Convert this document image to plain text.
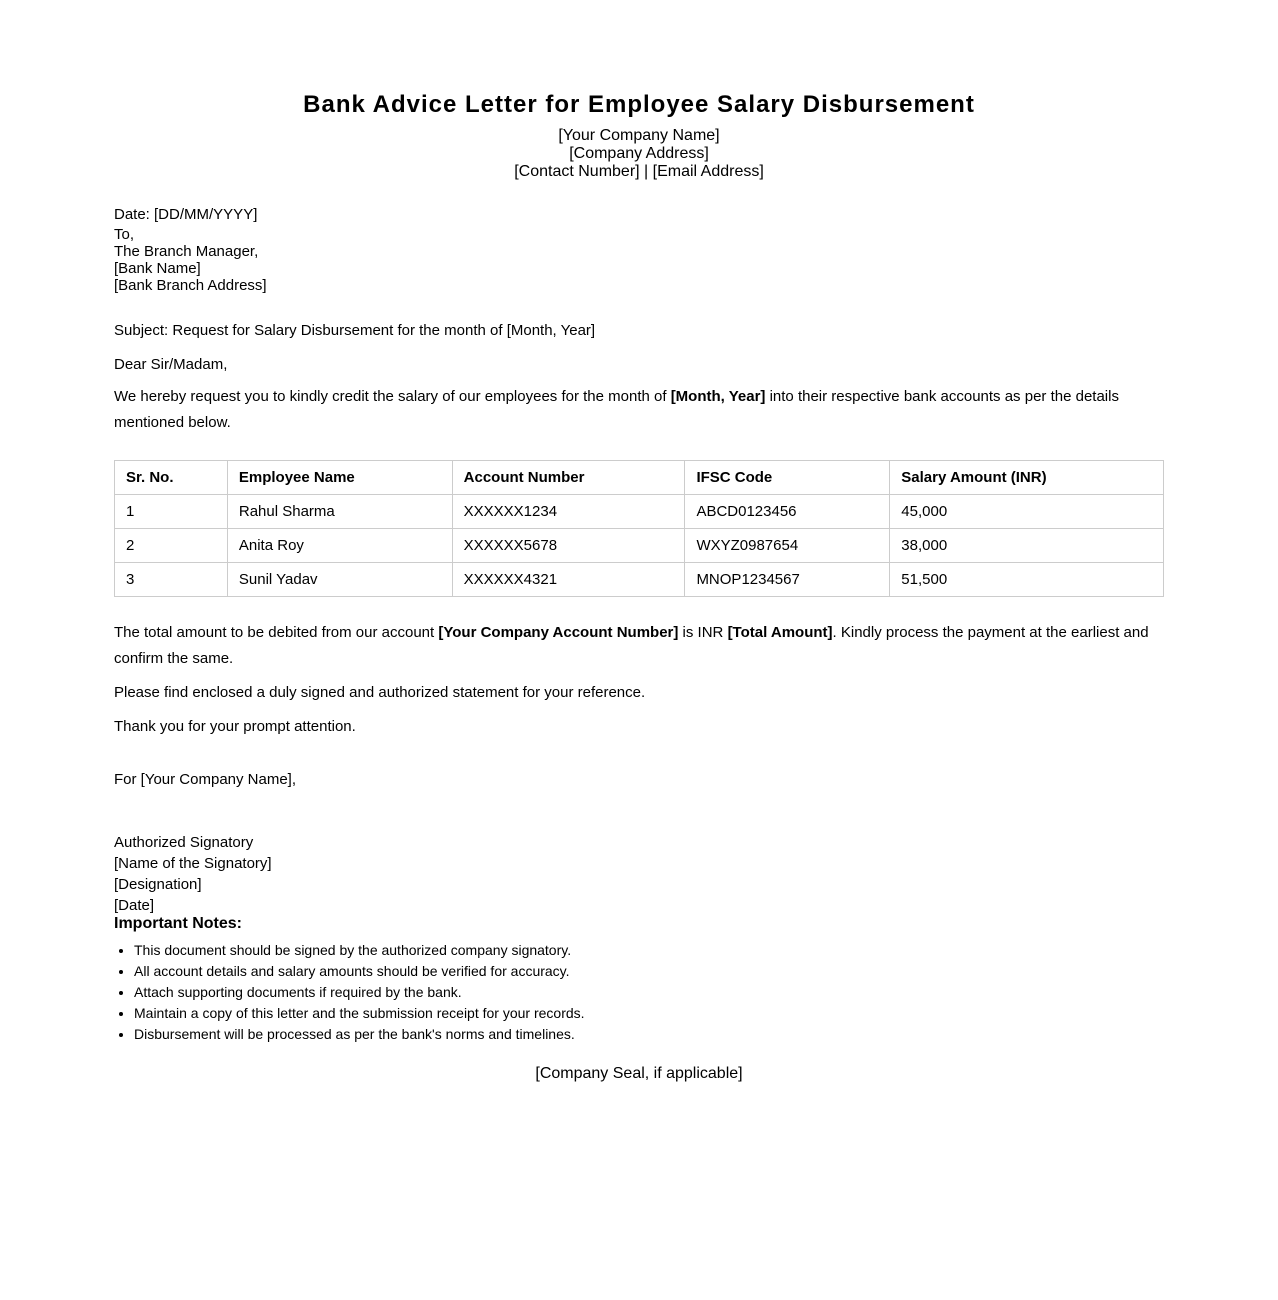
Bank Advice Letter for Employee Salary Disbursement
[Your Company Name]
[Company Address]
[Contact Number] | [Email Address]
Date: [DD/MM/YYYY]
To,
The Branch Manager,
[Bank Name]
[Bank Branch Address]
Subject: Request for Salary Disbursement for the month of [Month, Year]
Dear Sir/Madam,

We hereby request you to kindly credit the salary of our employees for the month of [Month, Year] into their respective bank accounts as per the details mentioned below.

Sr. No.	Employee Name	Account Number	IFSC Code	Salary Amount (INR)
1	Rahul Sharma	XXXXXX1234	ABCD0123456	45,000
2	Anita Roy	XXXXXX5678	WXYZ0987654	38,000
3	Sunil Yadav	XXXXXX4321	MNOP1234567	51,500

The total amount to be debited from our account [Your Company Account Number] is INR [Total Amount]. Kindly process the payment at the earliest and confirm the same.

Please find enclosed a duly signed and authorized statement for your reference.
Thank you for your prompt attention.
For [Your Company Name],
Authorized Signatory
[Name of the Signatory]
[Designation]
[Date]
Important Notes:
• This document should be signed by the authorized company signatory.
• All account details and salary amounts should be verified for accuracy.
• Attach supporting documents if required by the bank.
• Maintain a copy of this letter and the submission receipt for your records.
• Disbursement will be processed as per the bank's norms and timelines.
[Company Seal, if applicable]
